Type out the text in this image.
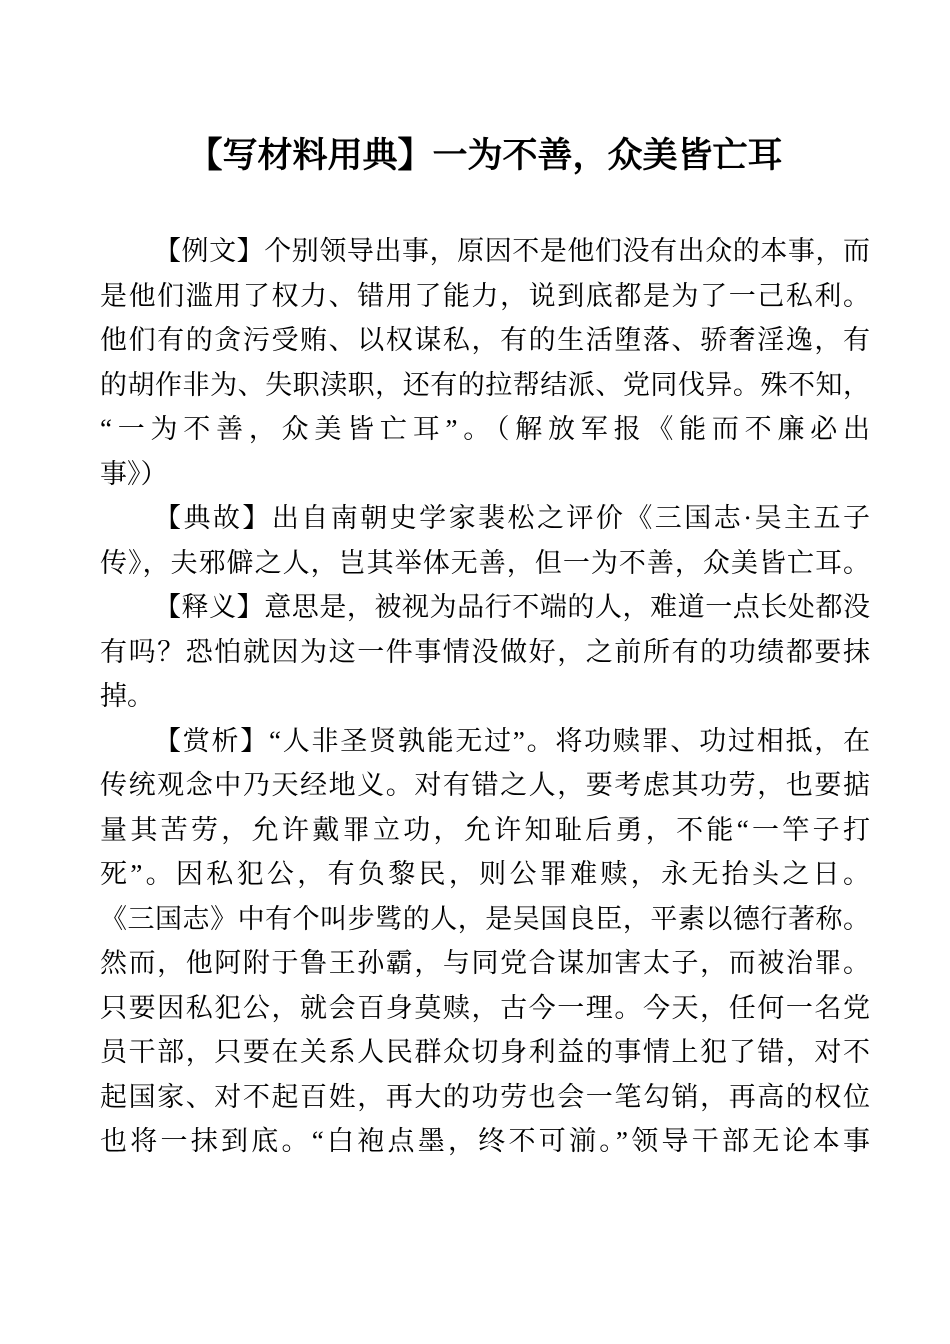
【写材料用典】一为不善，众美皆亡耳
【例文】个别领导出事，原因不是他们没有出众的本事，而
是他们滥用了权力、错用了能力，说到底都是为了一己私利。
他们有的贪污受贿、以权谋私，有的生活堕落、骄奢淫逸，有
的胡作非为、失职渎职，还有的拉帮结派、党同伐异。殊不知，
“一为不善，众美皆亡耳”。（解放军报《能而不廉必出
事》）
【典故】出自南朝史学家裴松之评价《三国志·吴主五子
传》，夫邪僻之人，岂其举体无善，但一为不善，众美皆亡耳。
【释义】意思是，被视为品行不端的人，难道一点长处都没
有吗？恐怕就因为这一件事情没做好，之前所有的功绩都要抹
掉。
【赏析】“人非圣贤孰能无过”。将功赎罪、功过相抵，在
传统观念中乃天经地义。对有错之人，要考虑其功劳，也要掂
量其苦劳，允许戴罪立功，允许知耻后勇，不能“一竿子打
死”。因私犯公，有负黎民，则公罪难赎，永无抬头之日。
《三国志》中有个叫步骘的人，是吴国良臣，平素以德行著称。
然而，他阿附于鲁王孙霸，与同党合谋加害太子，而被治罪。
只要因私犯公，就会百身莫赎，古今一理。今天，任何一名党
员干部，只要在关系人民群众切身利益的事情上犯了错，对不
起国家、对不起百姓，再大的功劳也会一笔勾销，再高的权位
也将一抹到底。“白袍点墨，终不可湔。”领导干部无论本事
